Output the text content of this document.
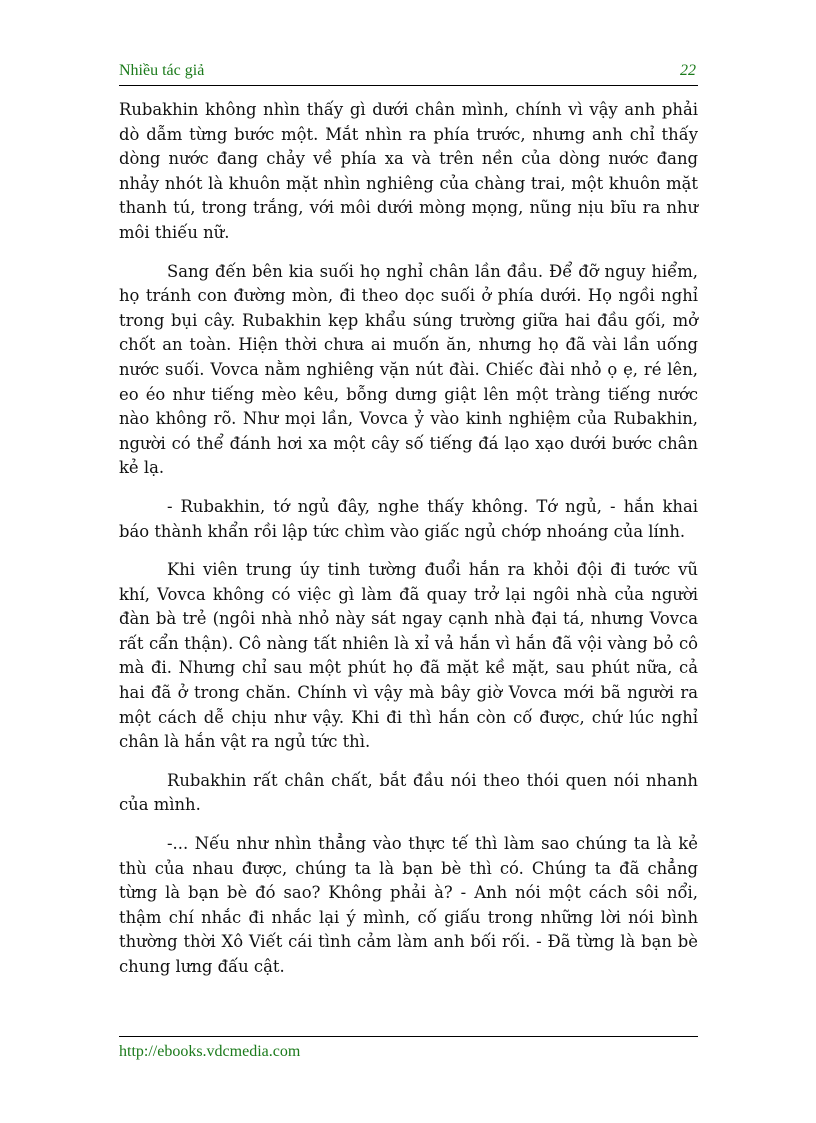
Nhiều tác giả	22

Rubakhin không nhìn thấy gì dưới chân mình, chính vì vậy anh phải dò dẫm từng bước một. Mắt nhìn ra phía trước, nhưng anh chỉ thấy dòng nước đang chảy về phía xa và trên nền của dòng nước đang nhảy nhót là khuôn mặt nhìn nghiêng của chàng trai, một khuôn mặt thanh tú, trong trắng, với môi dưới mòng mọng, nũng nịu bĩu ra như môi thiếu nữ.

Sang đến bên kia suối họ nghỉ chân lần đầu. Để đỡ nguy hiểm, họ tránh con đường mòn, đi theo dọc suối ở phía dưới. Họ ngồi nghỉ trong bụi cây. Rubakhin kẹp khẩu súng trường giữa hai đầu gối, mở chốt an toàn. Hiện thời chưa ai muốn ăn, nhưng họ đã vài lần uống nước suối. Vovca nằm nghiêng vặn nút đài. Chiếc đài nhỏ ọ ẹ, ré lên, eo éo như tiếng mèo kêu, bỗng dưng giật lên một tràng tiếng nước nào không rõ. Như mọi lần, Vovca ỷ vào kinh nghiệm của Rubakhin, người có thể đánh hơi xa một cây số tiếng đá lạo xạo dưới bước chân kẻ lạ.

- Rubakhin, tớ ngủ đây, nghe thấy không. Tớ ngủ, - hắn khai báo thành khẩn rồi lập tức chìm vào giấc ngủ chớp nhoáng của lính.

Khi viên trung úy tinh tường đuổi hắn ra khỏi đội đi tước vũ khí, Vovca không có việc gì làm đã quay trở lại ngôi nhà của người đàn bà trẻ (ngôi nhà nhỏ này sát ngay cạnh nhà đại tá, nhưng Vovca rất cẩn thận). Cô nàng tất nhiên là xỉ vả hắn vì hắn đã vội vàng bỏ cô mà đi. Nhưng chỉ sau một phút họ đã mặt kề mặt, sau phút nữa, cả hai đã ở trong chăn. Chính vì vậy mà bây giờ Vovca mới bã người ra một cách dễ chịu như vậy. Khi đi thì hắn còn cố được, chứ lúc nghỉ chân là hắn vật ra ngủ tức thì.

Rubakhin rất chân chất, bắt đầu nói theo thói quen nói nhanh của mình.

-... Nếu như nhìn thẳng vào thực tế thì làm sao chúng ta là kẻ thù của nhau được, chúng ta là bạn bè thì có. Chúng ta đã chẳng từng là bạn bè đó sao? Không phải à? - Anh nói một cách sôi nổi, thậm chí nhắc đi nhắc lại ý mình, cố giấu trong những lời nói bình thường thời Xô Viết cái tình cảm làm anh bối rối. - Đã từng là bạn bè chung lưng đấu cật.

http://ebooks.vdcmedia.com
